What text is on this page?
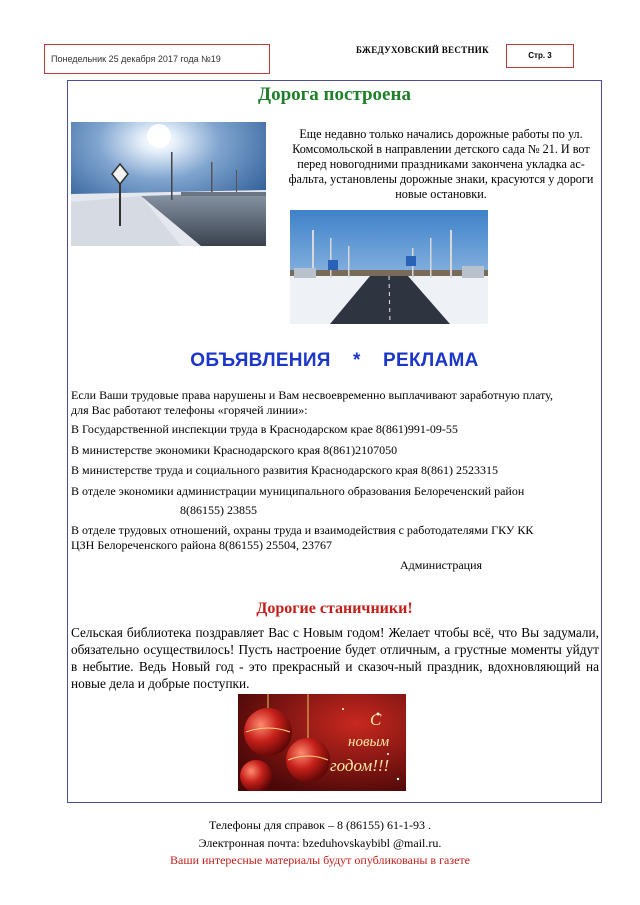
Понедельник 25 декабря 2017 года №19
БЖЕДУХОВСКИЙ ВЕСТНИК
Стр. 3
Дорога построена
Еще недавно только начались дорожные работы по ул. Комсомольской в направлении детского сада № 21. И вот перед новогодними праздниками закончена укладка ас-фальта, установлены дорожные знаки, красуются у дороги новые остановки.
ОБЪЯВЛЕНИЯ    *    РЕКЛАМА
Если Ваши трудовые права нарушены и Вам несвоевременно выплачивают заработную плату,
для Вас работают телефоны «горячей линии»:
В Государственной инспекции труда в Краснодарском крае 8(861)991-09-55
В министерстве экономики Краснодарского края 8(861)2107050
В министерстве труда и социального развития Краснодарского края 8(861) 2523315
В отделе экономики администрации муниципального образования Белореченский район
8(86155) 23855
В отделе трудовых отношений, охраны труда и взаимодействия с работодателями ГКУ КК
ЦЗН Белореченского района 8(86155) 25504, 23767
Администрация
Дорогие станичники!
Сельская библиотека поздравляет Вас с Новым годом! Желает чтобы всё, что Вы задумали, обязательно осуществилось! Пусть настроение будет отличным, а грустные моменты уйдут в небытие. Ведь Новый год - это прекрасный и сказоч-ный праздник, вдохновляющий на новые дела и добрые поступки.
С
новым
годом!!!
Телефоны для справок – 8 (86155) 61-1-93 .
Электронная почта: bzeduhovskaybibl @mail.ru.
Ваши интересные материалы будут опубликованы в газете
